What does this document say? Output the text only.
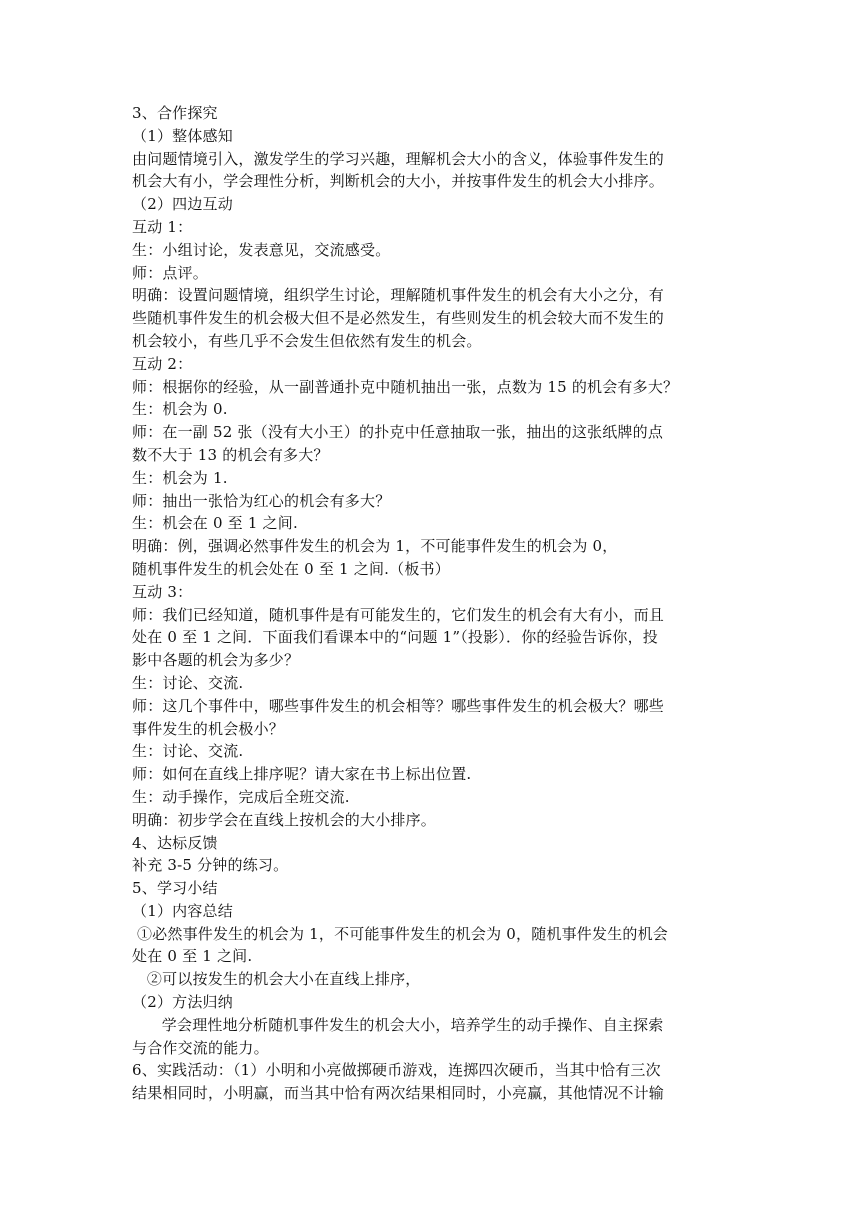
3、合作探究
（1）整体感知
由问题情境引入，激发学生的学习兴趣，理解机会大小的含义，体验事件发生的
机会大有小，学会理性分析，判断机会的大小，并按事件发生的机会大小排序。
（2）四边互动
互动 1：
生：小组讨论，发表意见，交流感受。
师：点评。
明确：设置问题情境，组织学生讨论，理解随机事件发生的机会有大小之分，有
些随机事件发生的机会极大但不是必然发生，有些则发生的机会较大而不发生的
机会较小，有些几乎不会发生但依然有发生的机会。
互动 2：
师：根据你的经验，从一副普通扑克中随机抽出一张，点数为 15 的机会有多大？
生：机会为 0.
师：在一副 52 张（没有大小王）的扑克中任意抽取一张，抽出的这张纸牌的点
数不大于 13 的机会有多大？
生：机会为 1.
师：抽出一张恰为红心的机会有多大？
生：机会在 0 至 1 之间.
明确：例，强调必然事件发生的机会为 1，不可能事件发生的机会为 0，
随机事件发生的机会处在 0 至 1 之间.（板书）
互动 3：
师：我们已经知道，随机事件是有可能发生的，它们发生的机会有大有小，而且
处在 0 至 1 之间．下面我们看课本中的“问题 1”（投影）．你的经验告诉你，投
影中各题的机会为多少？
生：讨论、交流.
师：这几个事件中，哪些事件发生的机会相等？哪些事件发生的机会极大？哪些
事件发生的机会极小？
生：讨论、交流.
师：如何在直线上排序呢？请大家在书上标出位置.
生：动手操作，完成后全班交流.
明确：初步学会在直线上按机会的大小排序。
4、达标反馈
补充 3-5 分钟的练习。
5、学习小结
（1）内容总结
①必然事件发生的机会为 1，不可能事件发生的机会为 0，随机事件发生的机会
处在 0 至 1 之间.
②可以按发生的机会大小在直线上排序，
（2）方法归纳
学会理性地分析随机事件发生的机会大小，培养学生的动手操作、自主探索
与合作交流的能力。
6、实践活动：（1）小明和小亮做掷硬币游戏，连掷四次硬币，当其中恰有三次
结果相同时，小明赢，而当其中恰有两次结果相同时，小亮赢，其他情况不计输
